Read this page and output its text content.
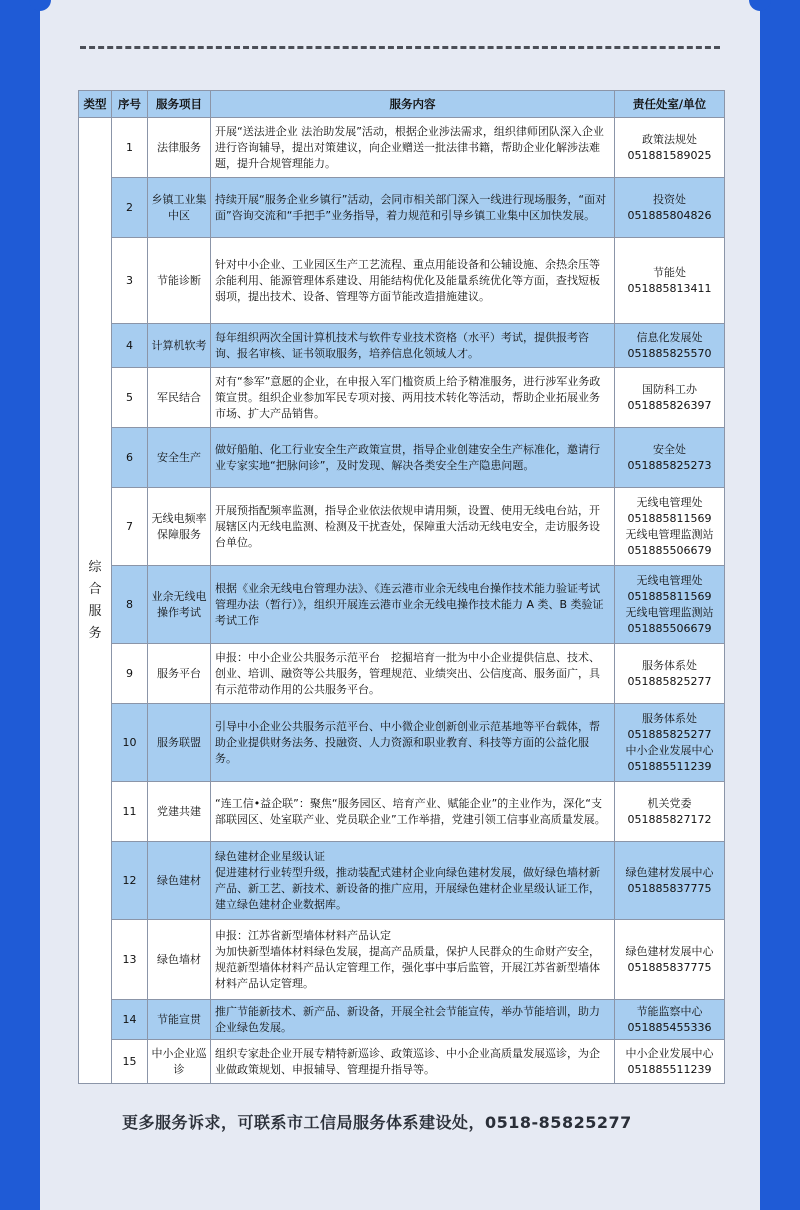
类型	序号	服务项目	服务内容	责任处室/单位
综合服务	1	法律服务	开展“送法进企业 法治助发展”活动，根据企业涉法需求，组织律师团队深入企业进行咨询辅导，提出对策建议，向企业赠送一批法律书籍，帮助企业化解涉法难题，提升合规管理能力。	政策法规处
051881589025

	2	乡镇工业集中区	持续开展“服务企业乡镇行”活动，会同市相关部门深入一线进行现场服务，“面对面”咨询交流和“手把手”业务指导，着力规范和引导乡镇工业集中区加快发展。	投资处
051885804826

	3	节能诊断	针对中小企业、工业园区生产工艺流程、重点用能设备和公辅设施、余热余压等余能利用、能源管理体系建设、用能结构优化及能量系统优化等方面，查找短板弱项，提出技术、设备、管理等方面节能改造措施建议。	节能处
051885813411

	4	计算机软考	每年组织两次全国计算机技术与软件专业技术资格（水平）考试，提供报考咨询、报名审核、证书领取服务，培养信息化领域人才。	信息化发展处
051885825570

	5	军民结合	对有“参军”意愿的企业，在申报入军门槛资质上给予精准服务，进行涉军业务政策宣贯。组织企业参加军民专项对接、两用技术转化等活动，帮助企业拓展业务市场、扩大产品销售。	国防科工办
051885826397

	6	安全生产	做好船舶、化工行业安全生产政策宣贯，指导企业创建安全生产标准化，邀请行业专家实地“把脉问诊”，及时发现、解决各类安全生产隐患问题。	安全处
051885825273

	7	无线电频率保障服务	开展预指配频率监测，指导企业依法依规申请用频，设置、使用无线电台站，开展辖区内无线电监测、检测及干扰查处，保障重大活动无线电安全，走访服务设台单位。	无线电管理处
051885811569
无线电管理监测站
051885506679

	8	业余无线电操作考试	根据《业余无线电台管理办法》、《连云港市业余无线电台操作技术能力验证考试管理办法（暂行）》，组织开展连云港市业余无线电操作技术能力 A 类、B 类验证考试工作	无线电管理处
051885811569
无线电管理监测站
051885506679

	9	服务平台	申报：中小企业公共服务示范平台　挖掘培育一批为中小企业提供信息、技术、创业、培训、融资等公共服务，管理规范、业绩突出、公信度高、服务面广，具有示范带动作用的公共服务平台。	服务体系处
051885825277

	10	服务联盟	引导中小企业公共服务示范平台、中小微企业创新创业示范基地等平台载体，帮助企业提供财务法务、投融资、人力资源和职业教育、科技等方面的公益化服务。	服务体系处
051885825277
中小企业发展中心
051885511239

	11	党建共建	“连工信•益企联”：聚焦“服务园区、培育产业、赋能企业”的主业作为，深化“支部联园区、处室联产业、党员联企业”工作举措，党建引领工信事业高质量发展。	机关党委
051885827172

	12	绿色建材	绿色建材企业星级认证
促进建材行业转型升级，推动装配式建材企业向绿色建材发展，做好绿色墙材新产品、新工艺、新技术、新设备的推广应用，开展绿色建材企业星级认证工作，建立绿色建材企业数据库。	绿色建材发展中心
051885837775

	13	绿色墙材	申报：江苏省新型墙体材料产品认定
为加快新型墙体材料绿色发展，提高产品质量，保护人民群众的生命财产安全，规范新型墙体材料产品认定管理工作，强化事中事后监管，开展江苏省新型墙体材料产品认定管理。	绿色建材发展中心
051885837775

	14	节能宣贯	推广节能新技术、新产品、新设备，开展全社会节能宣传，举办节能培训，助力企业绿色发展。	节能监察中心
051885455336

	15	中小企业巡诊	组织专家赴企业开展专精特新巡诊、政策巡诊、中小企业高质量发展巡诊，为企业做政策规划、申报辅导、管理提升指导等。	中小企业发展中心
051885511239
更多服务诉求，可联系市工信局服务体系建设处，0518-85825277
